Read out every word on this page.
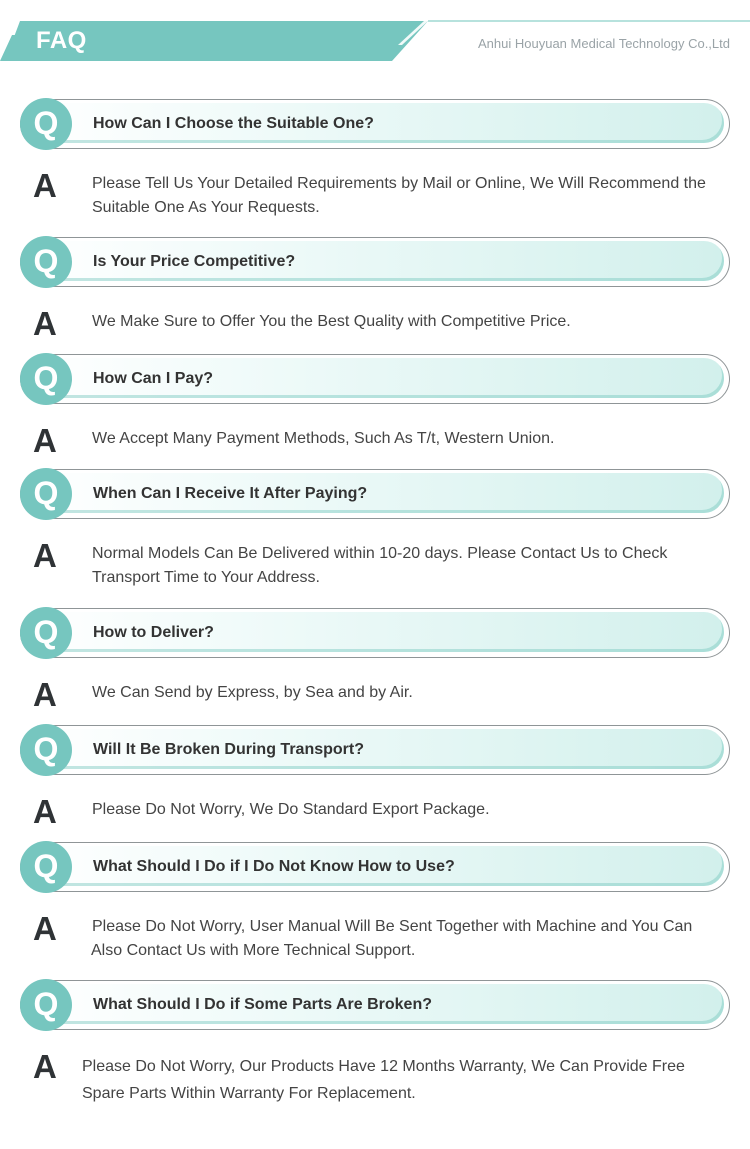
FAQ	Anhui Houyuan Medical Technology Co.,Ltd
Q	How Can I Choose the Suitable One?
A Please Tell Us Your Detailed Requirements by Mail or Online, We Will Recommend the
Suitable One As Your Requests.
Q	Is Your Price Competitive?
A We Make Sure to Offer You the Best Quality with Competitive Price.
Q	How Can I Pay?
A We Accept Many Payment Methods, Such As T/t, Western Union.
Q	When Can I Receive It After Paying?
A Normal Models Can Be Delivered within 10-20 days. Please Contact Us to Check
Transport Time to Your Address.
Q	How to Deliver?
A We Can Send by Express, by Sea and by Air.
Q	Will It Be Broken During Transport?
A Please Do Not Worry, We Do Standard Export Package.
Q	What Should I Do if I Do Not Know How to Use?
A Please Do Not Worry, User Manual Will Be Sent Together with Machine and You Can
Also Contact Us with More Technical Support.
Q	What Should I Do if Some Parts Are Broken?
A Please Do Not Worry, Our Products Have 12 Months Warranty, We Can Provide Free
Spare Parts Within Warranty For Replacement.
